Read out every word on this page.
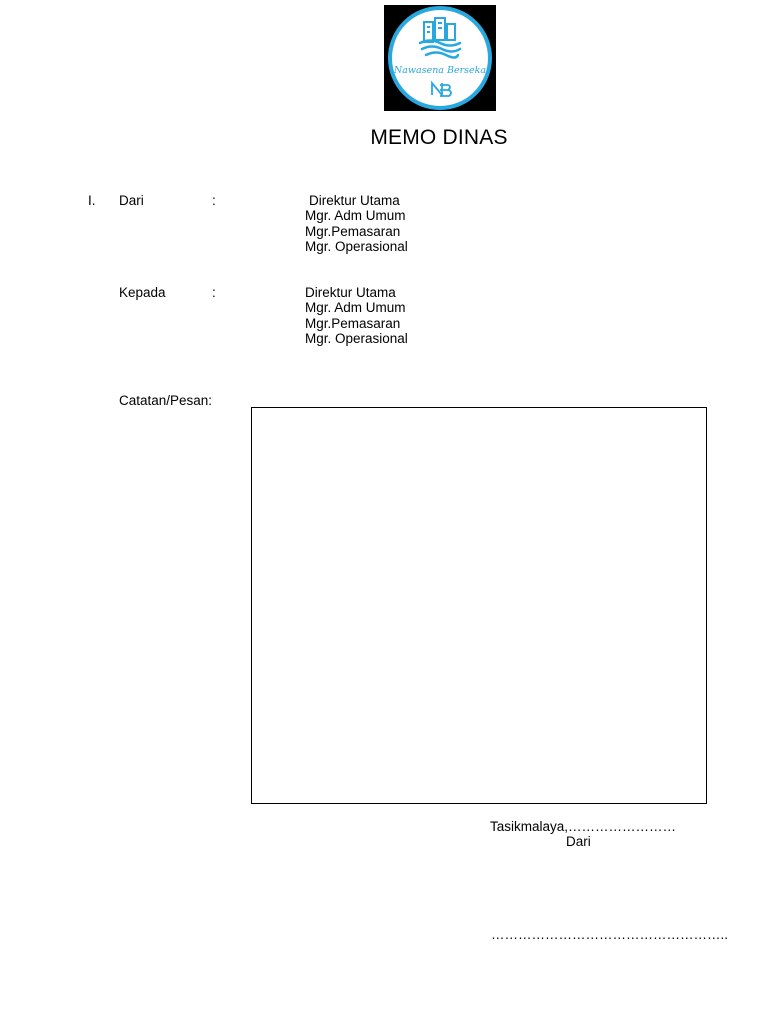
Nawasena Berseka
MEMO DINAS
I. Dari	:	Direktur Utama
Mgr. Adm Umum
Mgr.Pemasaran
Mgr. Operasional
Kepada	:	Direktur Utama
Mgr. Adm Umum
Mgr.Pemasaran
Mgr. Operasional
Catatan/Pesan:
Tasikmalaya,……………………
Dari
……………………………………………..
